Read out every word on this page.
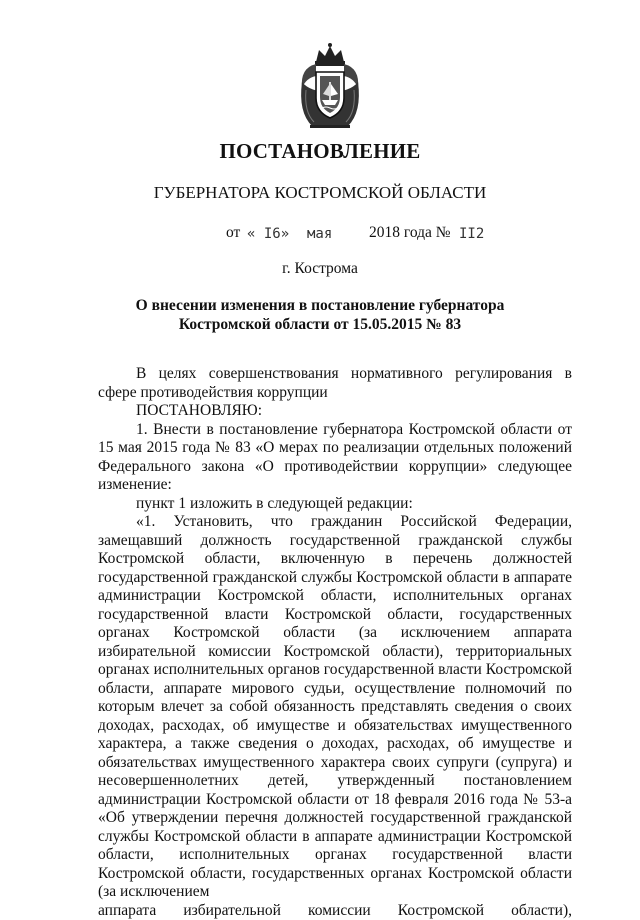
ПОСТАНОВЛЕНИЕ
ГУБЕРНАТОРА КОСТРОМСКОЙ ОБЛАСТИ
от « I6» мая 2018 года № II2
г. Кострома
О внесении изменения в постановление губернатора
Костромской области от 15.05.2015 № 83

В целях совершенствования нормативного регулирования в сфере противодействия коррупции

ПОСТАНОВЛЯЮ:

1. Внести в постановление губернатора Костромской области от 15 мая 2015 года № 83 «О мерах по реализации отдельных положений Федерального закона «О противодействии коррупции» следующее изменение:

пункт 1 изложить в следующей редакции:

«1. Установить, что гражданин Российской Федерации, замещавший должность государственной гражданской службы Костромской области, включенную в перечень должностей государственной гражданской службы Костромской области в аппарате администрации Костромской области, исполнительных органах государственной власти Костромской области, государственных органах Костромской области (за исключением аппарата избирательной комиссии Костромской области), территориальных органах исполнительных органов государственной власти Костромской области, аппарате мирового судьи, осуществление полномочий по которым влечет за собой обязанность представлять сведения о своих доходах, расходах, об имуществе и обязательствах имущественного характера, а также сведения о доходах, расходах, об имуществе и обязательствах имущественного характера своих супруги (супруга) и несовершеннолетних детей, утвержденный постановлением администрации Костромской области от 18 февраля 2016 года № 53-а «Об утверждении перечня должностей государственной гражданской службы Костромской области в аппарате администрации Костромской области, исполнительных органах государственной власти Костромской области, государственных органах Костромской области (за исключением

аппарата избирательной комиссии Костромской области),
